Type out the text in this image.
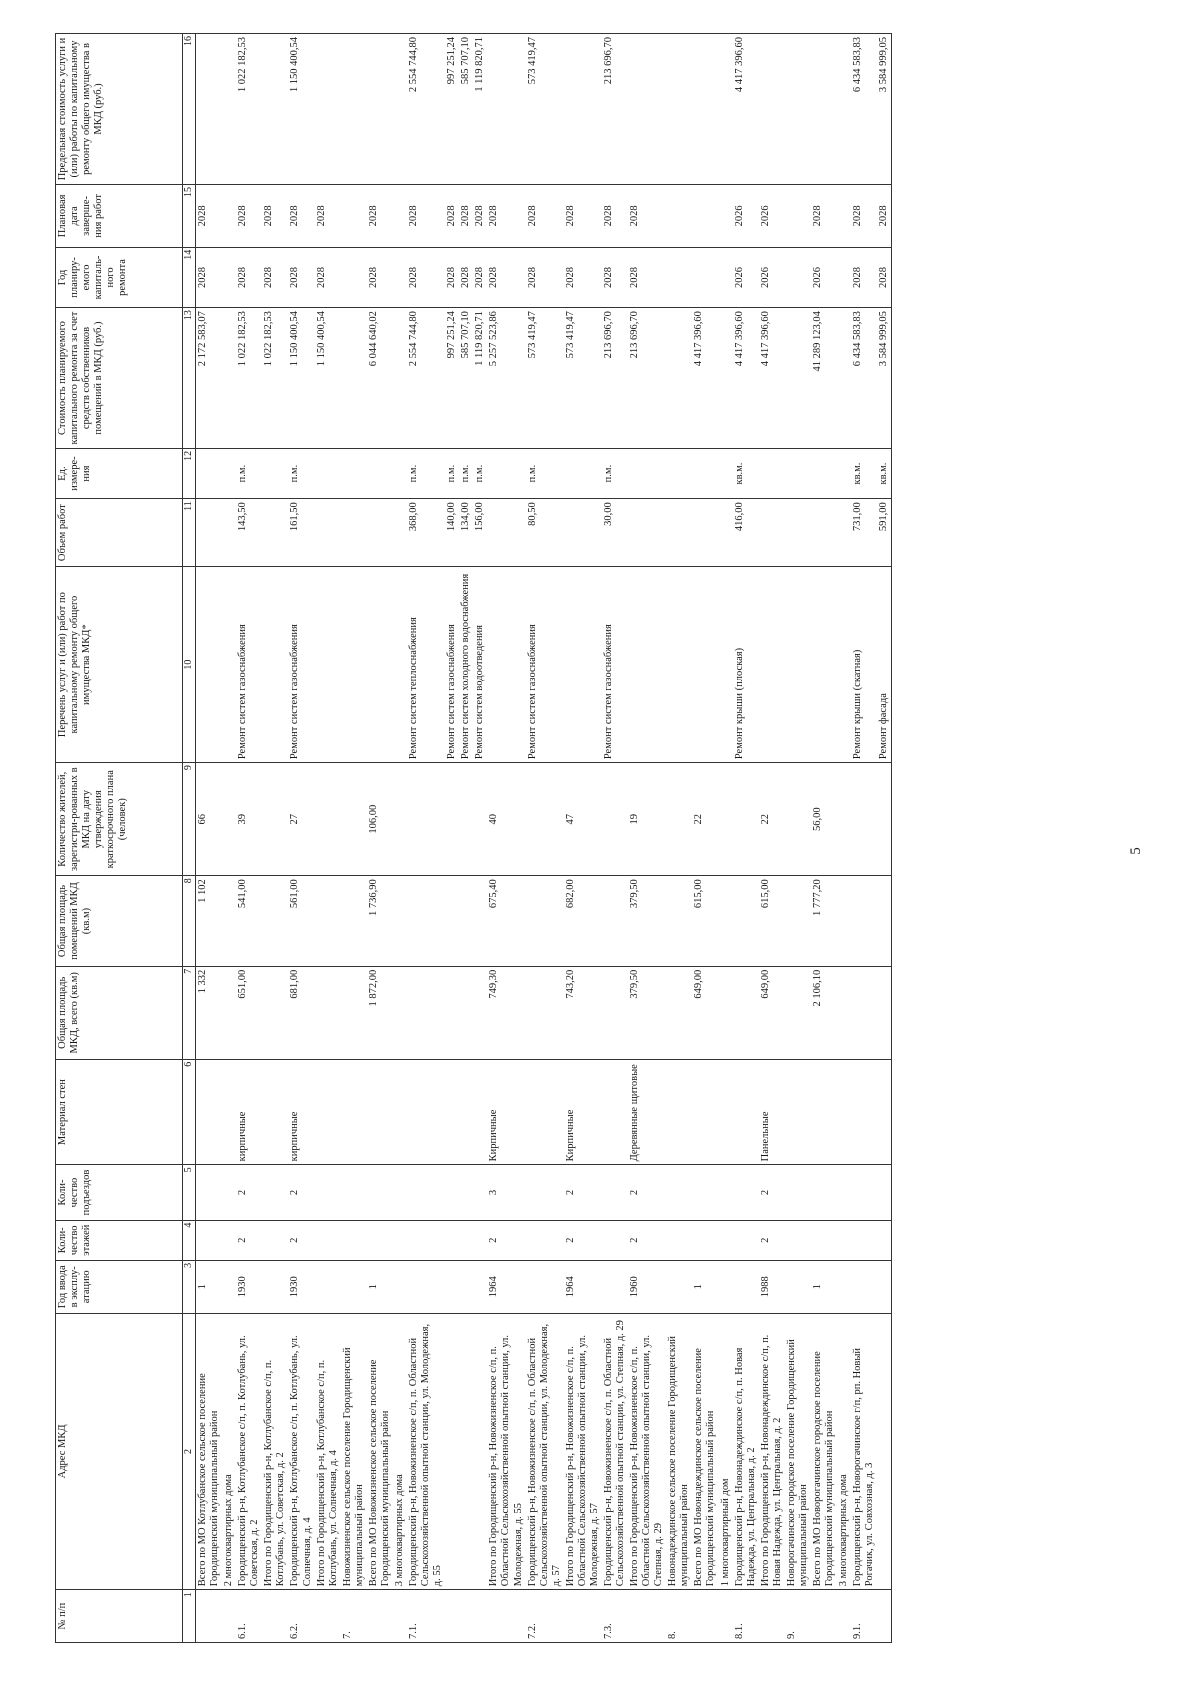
5
№ п/п	Адрес МКД	Год ввода в эксплу-атацию	Коли-чество этажей	Коли-чество подъездов	Материал стен	Общая площадь МКД, всего (кв.м)	Общая площадь помещений МКД (кв.м)	Количество жителей, зарегистри-рованных в МКД на дату утверждения краткосрочного плана (человек)	Перечень услуг и (или) работ по капитальному ремонту общего имущества МКД*	Объем работ	Ед. измере-ния	Стоимость планируемого капитального ремонта за счет средств собственников помещений в МКД (руб.)	Год планиру-емого капиталь-ного ремонта	Плановая дата заверше-ния работ	Предельная стоимость услуги и (или) работы по капитальному ремонту общего имущества в МКД (руб.)
1	2	3	4	5	6	7	8	9	10	11	12	13	14	15	16
	Всего по МО Котлубанское сельское поселение Городищенский муниципальный район	1				1 332	1 102	66				2 172 583,07	2028	2028	
	2 многоквартирных дома														
6.1.	Городищенский р-н, Котлубанское с/п, п. Котлубань, ул. Советская, д. 2	1930	2	2	кирпичные	651,00	541,00	39	Ремонт систем газоснабжения	143,50	п.м.	1 022 182,53	2028	2028	1 022 182,53
	Итого по Городищенский р-н, Котлубанское с/п, п. Котлубань, ул. Советская, д. 2											1 022 182,53	2028	2028	
6.2.	Городищенский р-н, Котлубанское с/п, п. Котлубань, ул. Солнечная, д. 4	1930	2	2	кирпичные	681,00	561,00	27	Ремонт систем газоснабжения	161,50	п.м.	1 150 400,54	2028	2028	1 150 400,54
	Итого по Городищенский р-н, Котлубанское с/п, п. Котлубань, ул. Солнечная, д. 4											1 150 400,54	2028	2028	
7.	Новожизненское сельское поселение Городищенский муниципальный район														
	Всего по МО Новожизненское сельское поселение Городищенский муниципальный район	1				1 872,00	1 736,90	106,00				6 044 640,02	2028	2028	
	3 многоквартирных дома														
7.1.	Городищенский р-н, Новожизненское с/п, п. Областной Сельскохозяйственной опытной станции, ул. Молодежная, д. 55								Ремонт систем теплоснабжения	368,00	п.м.	2 554 744,80	2028	2028	2 554 744,80
									Ремонт систем газоснабжения	140,00	п.м.	997 251,24	2028	2028	997 251,24
									Ремонт систем холодного водоснабжения	134,00	п.м.	585 707,10	2028	2028	585 707,10
									Ремонт систем водоотведения	156,00	п.м.	1 119 820,71	2028	2028	1 119 820,71
	Итого по Городищенский р-н, Новожизненское с/п, п. Областной Сельскохозяйственной опытной станции, ул. Молодежная, д. 55	1964	2	3	Кирпичные	749,30	675,40	40				5 257 523,86	2028	2028	
7.2.	Городищенский р-н, Новожизненское с/п, п. Областной Сельскохозяйственной опытной станции, ул. Молодежная, д. 57								Ремонт систем газоснабжения	80,50	п.м.	573 419,47	2028	2028	573 419,47
	Итого по Городищенский р-н, Новожизненское с/п, п. Областной Сельскохозяйственной опытной станции, ул. Молодежная, д. 57	1964	2	2	Кирпичные	743,20	682,00	47				573 419,47	2028	2028	
7.3.	Городищенский р-н, Новожизненское с/п, п. Областной Сельскохозяйственной опытной станции, ул. Степная, д. 29								Ремонт систем газоснабжения	30,00	п.м.	213 696,70	2028	2028	213 696,70
	Итого по Городищенский р-н, Новожизненское с/п, п. Областной Сельскохозяйственной опытной станции, ул. Степная, д. 29	1960	2	2	Деревянные щитовые	379,50	379,50	19				213 696,70	2028	2028	
8.	Новонадеждинское сельское поселение Городищенский муниципальный район														
	Всего по МО Новонадеждинское сельское поселение Городищенский муниципальный район	1				649,00	615,00	22				4 417 396,60			
	1 многоквартирный дом														
8.1.	Городищенский р-н, Новонадеждинское с/п, п. Новая Надежда, ул. Центральная, д. 2								Ремонт крыши (плоская)	416,00	кв.м.	4 417 396,60	2026	2026	4 417 396,60
	Итого по Городищенский р-н, Новонадеждинское с/п, п. Новая Надежда, ул. Центральная, д. 2	1988	2	2	Панельные	649,00	615,00	22				4 417 396,60	2026	2026	
9.	Новорогачинское городское поселение Городищенский муниципальный район														
	Всего по МО Новорогачинское городское поселение Городищенский муниципальный район	1				2 106,10	1 777,20	56,00				41 289 123,04	2026	2028	
	3 многоквартирных дома														
9.1.	Городищенский р-н, Новорогачинское г/п, рп. Новый Рогачик, ул. Совхозная, д. 3								Ремонт крыши (скатная)	731,00	кв.м.	6 434 583,83	2028	2028	6 434 583,83
									Ремонт фасада	591,00	кв.м.	3 584 999,05	2028	2028	3 584 999,05
